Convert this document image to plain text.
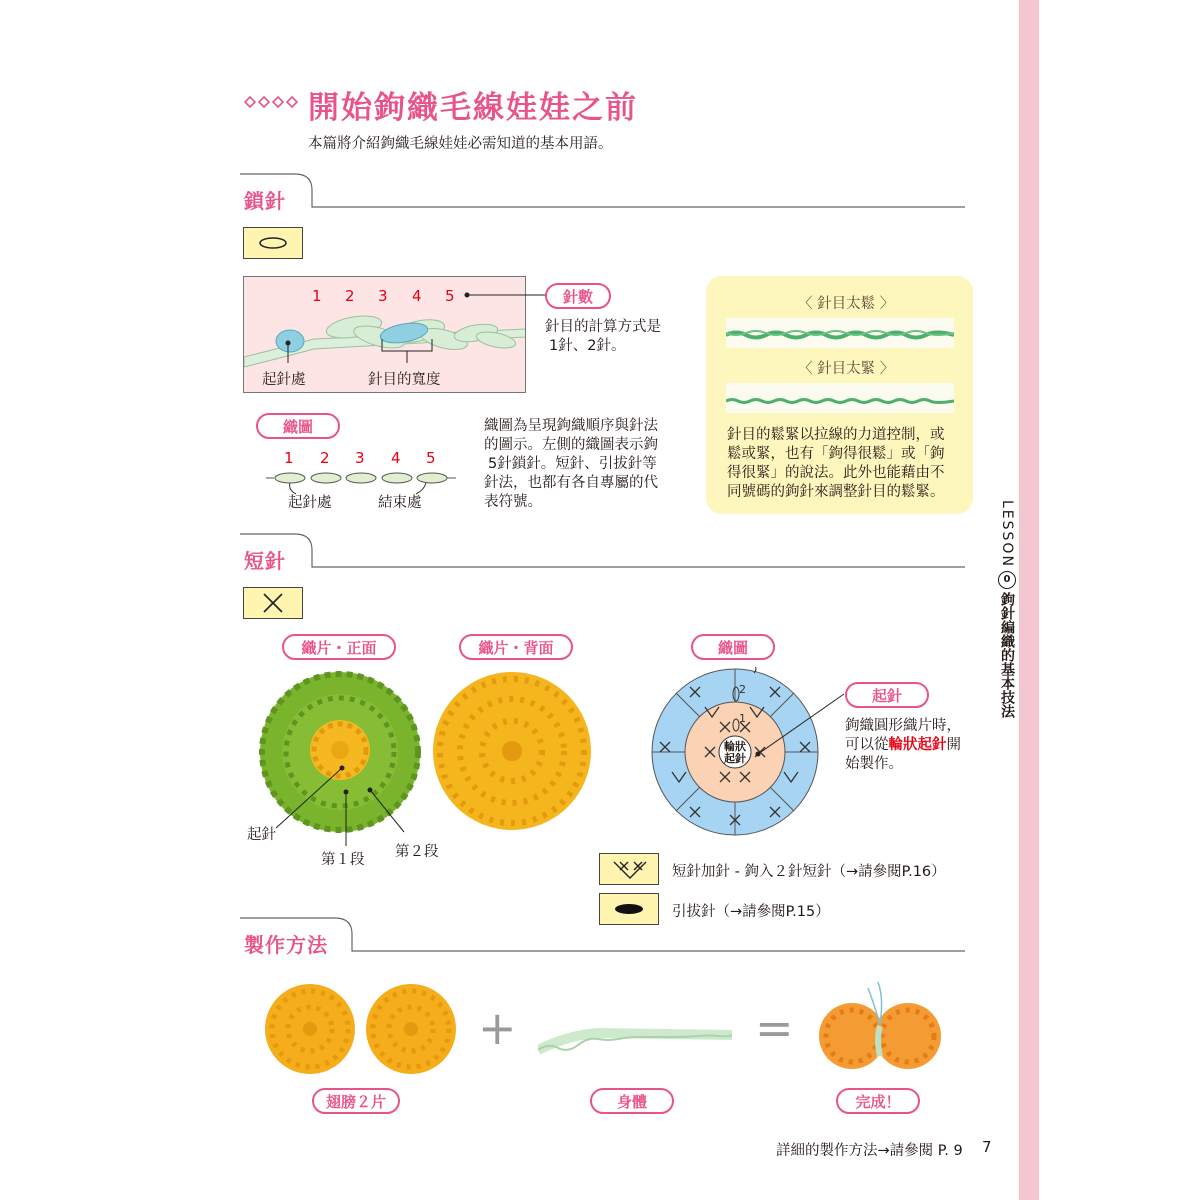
開始鉤織毛線娃娃之前
本篇將介紹鉤織毛線娃娃必需知道的基本用語。
鎖針
短針
製作方法
1 2 3 4 5
起針處	針目的寬度
針數
針目的計算方式是
1針、2針。
織圖
1 2 3 4 5
起針處	結束處
織圖為呈現鉤織順序與針法
的圖示。左側的織圖表示鉤
5針鎖針。短針、引拔針等
針法，也都有各自專屬的代
表符號。
〈 針目太鬆 〉
〈 針目太緊 〉
針目的鬆緊以拉線的力道控制，或
鬆或緊，也有「鉤得很鬆」或「鉤
得很緊」的說法。此外也能藉由不
同號碼的鉤針來調整針目的鬆緊。
織片・正面	織片・背面	織圖
起針
第１段 第２段
2
1
輪狀
起針
起針
鉤織圓形織片時，
可以從輪狀起針開
始製作。
短針加針 - 鉤入２針短針（→請參閱P.16）
引拔針（→請參閱P.15）
+	=
翅膀２片	身體	完成！
詳細的製作方法→請參閱 P. 9 7
LESSON
0
鉤針編織的基本技法
